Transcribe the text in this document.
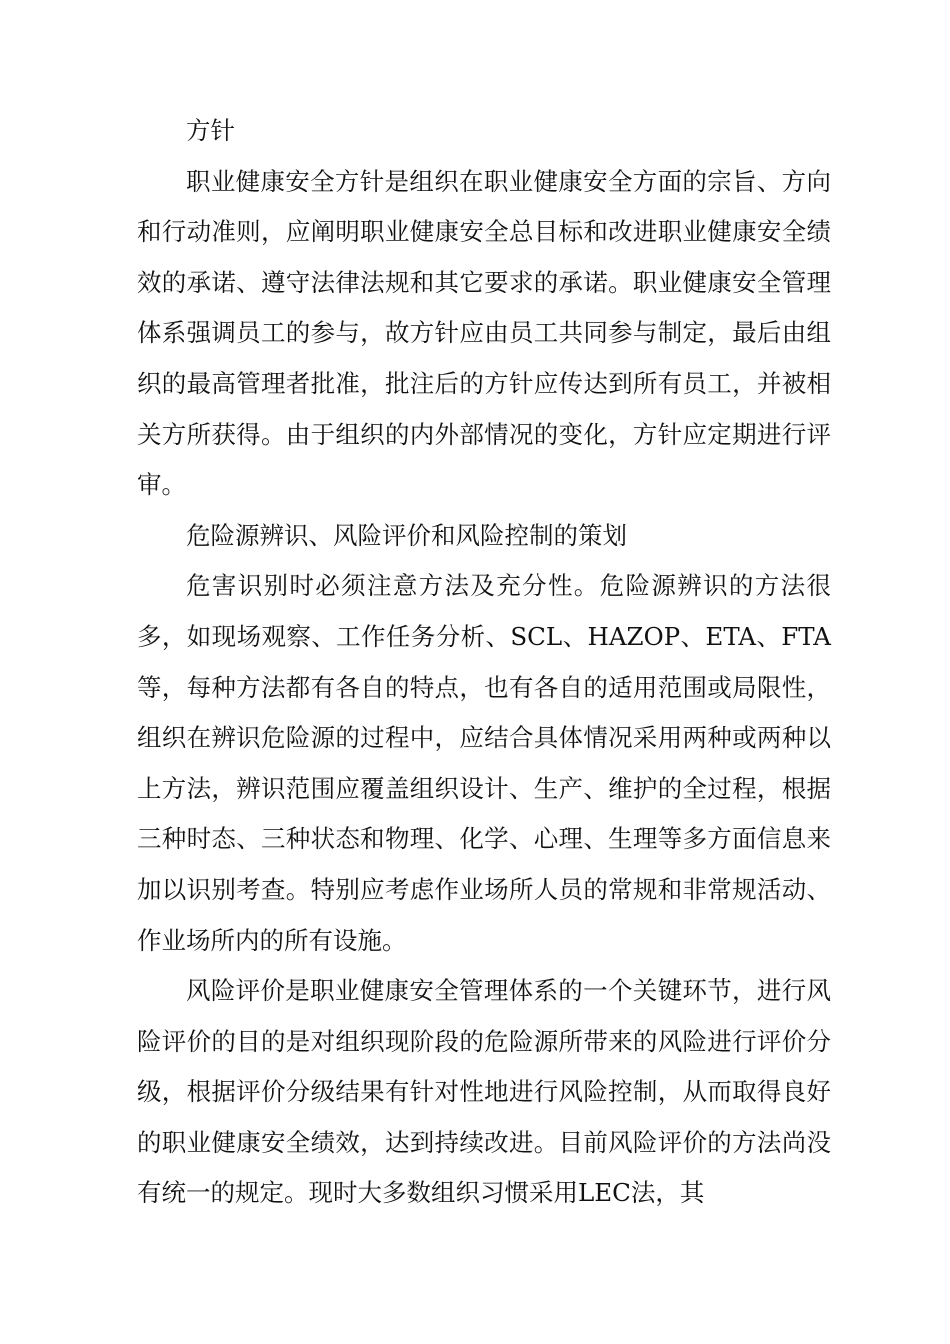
方针

职业健康安全方针是组织在职业健康安全方面的宗旨、方向和行动准则，应阐明职业健康安全总目标和改进职业健康安全绩效的承诺、遵守法律法规和其它要求的承诺。职业健康安全管理体系强调员工的参与，故方针应由员工共同参与制定，最后由组织的最高管理者批准，批注后的方针应传达到所有员工，并被相关方所获得。由于组织的内外部情况的变化，方针应定期进行评审。

危险源辨识、风险评价和风险控制的策划

危害识别时必须注意方法及充分性。危险源辨识的方法很多，如现场观察、工作任务分析、SCL、HAZOP、ETA、FTA等，每种方法都有各自的特点，也有各自的适用范围或局限性，组织在辨识危险源的过程中，应结合具体情况采用两种或两种以上方法，辨识范围应覆盖组织设计、生产、维护的全过程，根据三种时态、三种状态和物理、化学、心理、生理等多方面信息来加以识别考查。特别应考虑作业场所人员的常规和非常规活动、作业场所内的所有设施。

风险评价是职业健康安全管理体系的一个关键环节，进行风险评价的目的是对组织现阶段的危险源所带来的风险进行评价分级，根据评价分级结果有针对性地进行风险控制，从而取得良好的职业健康安全绩效，达到持续改进。目前风险评价的方法尚没有统一的规定。现时大多数组织习惯采用LEC法，其
